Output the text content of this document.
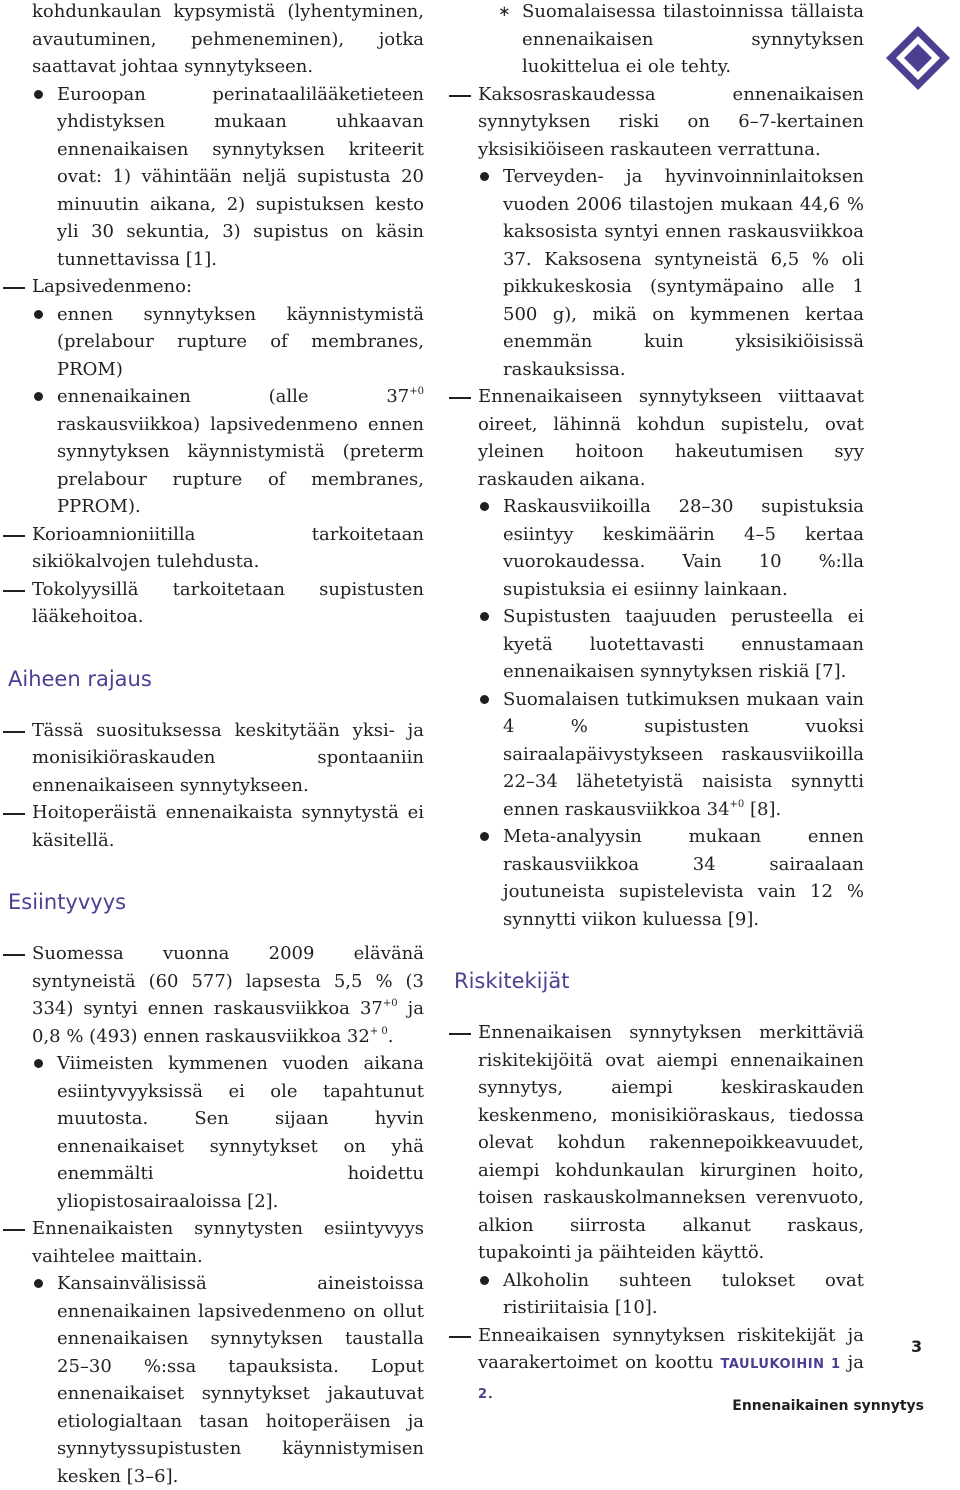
kohdunkaulan kypsymistä (lyhentyminen, avautuminen, pehmeneminen), jotka saattavat johtaa synnytykseen.
Euroopan perinataalilääketieteen yhdistyksen mukaan uhkaavan ennenaikaisen synnytyksen kriteerit ovat: 1) vähintään neljä supistusta 20 minuutin aikana, 2) supistuksen kesto yli 30 sekuntia, 3) supistus on käsin tunnettavissa [1].
Lapsivedenmeno:
ennen synnytyksen käynnistymistä (prelabour rupture of membranes, PROM)
ennenaikainen (alle $37^{+0}$ raskausviikkoa) lapsivedenmeno ennen synnytyksen käynnistymistä (preterm prelabour rupture of membranes, PPROM).
Korioamnioniitilla tarkoitetaan sikiökalvojen tulehdusta.
Tokolyysillä tarkoitetaan supistusten lääkehoitoa.
Aiheen rajaus
Tässä suosituksessa keskitytään yksi- ja monisikiöraskauden spontaaniin ennenaikaiseen synnytykseen.
Hoitoperäistä ennenaikaista synnytystä ei käsitellä.
Esiintyvyys
Suomessa vuonna 2009 elävänä syntyneistä (60 577) lapsesta 5,5 % (3 334) syntyi ennen raskausviikkoa $37^{+0}$ ja 0,8 % (493) ennen raskausviikkoa $32^{+ 0}$.
Viimeisten kymmenen vuoden aikana esiintyvyyksissä ei ole tapahtunut muutosta. Sen sijaan hyvin ennenaikaiset synnytykset on yhä enemmälti hoidettu yliopistosairaaloissa [2].
Ennenaikaisten synnytysten esiintyvyys vaihtelee maittain.
Kansainvälisissä aineistoissa ennenaikainen lapsivedenmeno on ollut ennenaikaisen synnytyksen taustalla 25–30 %:ssa tapauksista. Loput ennenaikaiset synnytykset jakautuvat etiologialtaan tasan hoitoperäisen ja synnytyssupistusten käynnistymisen kesken [3–6].
∗ Suomalaisessa tilastoinnissa tällaista ennenaikaisen synnytyksen luokittelua ei ole tehty.
Kaksosraskaudessa ennenaikaisen synnytyksen riski on 6–7-kertainen yksisikiöiseen raskauteen verrattuna.
Terveyden- ja hyvinvoinninlaitoksen vuoden 2006 tilastojen mukaan 44,6 % kaksosista syntyi ennen raskausviikkoa 37. Kaksosena syntyneistä 6,5 % oli pikkukeskosia (syntymäpaino alle 1 500 g), mikä on kymmenen kertaa enemmän kuin yksisikiöisissä raskauksissa.
Ennenaikaiseen synnytykseen viittaavat oireet, lähinnä kohdun supistelu, ovat yleinen hoitoon hakeutumisen syy raskauden aikana.
Raskausviikoilla 28–30 supistuksia esiintyy keskimäärin 4–5 kertaa vuorokaudessa. Vain 10 %:lla supistuksia ei esiinny lainkaan.
Supistusten taajuuden perusteella ei kyetä luotettavasti ennustamaan ennenaikaisen synnytyksen riskiä [7].
Suomalaisen tutkimuksen mukaan vain 4 % supistusten vuoksi sairaalapäivystykseen raskausviikoilla 22–34 lähetetyistä naisista synnytti ennen raskausviikkoa $34^{+0}$ [8].
Meta-analyysin mukaan ennen raskausviikkoa 34 sairaalaan joutuneista supistelevista vain 12 % synnytti viikon kuluessa [9].
Riskitekijät
Ennenaikaisen synnytyksen merkittäviä riskitekijöitä ovat aiempi ennenaikainen synnytys, aiempi keskiraskauden keskenmeno, monisikiöraskaus, tiedossa olevat kohdun rakennepoikkeavuudet, aiempi kohdunkaulan kirurginen hoito, toisen raskauskolmanneksen verenvuoto, alkion siirrosta alkanut raskaus, tupakointi ja päihteiden käyttö.
Alkoholin suhteen tulokset ovat ristiriitaisia [10].
Enneaikaisen synnytyksen riskitekijät ja vaarakertoimet on koottu TAULUKOIHIN 1 ja 2.
3
Ennenaikainen synnytys
